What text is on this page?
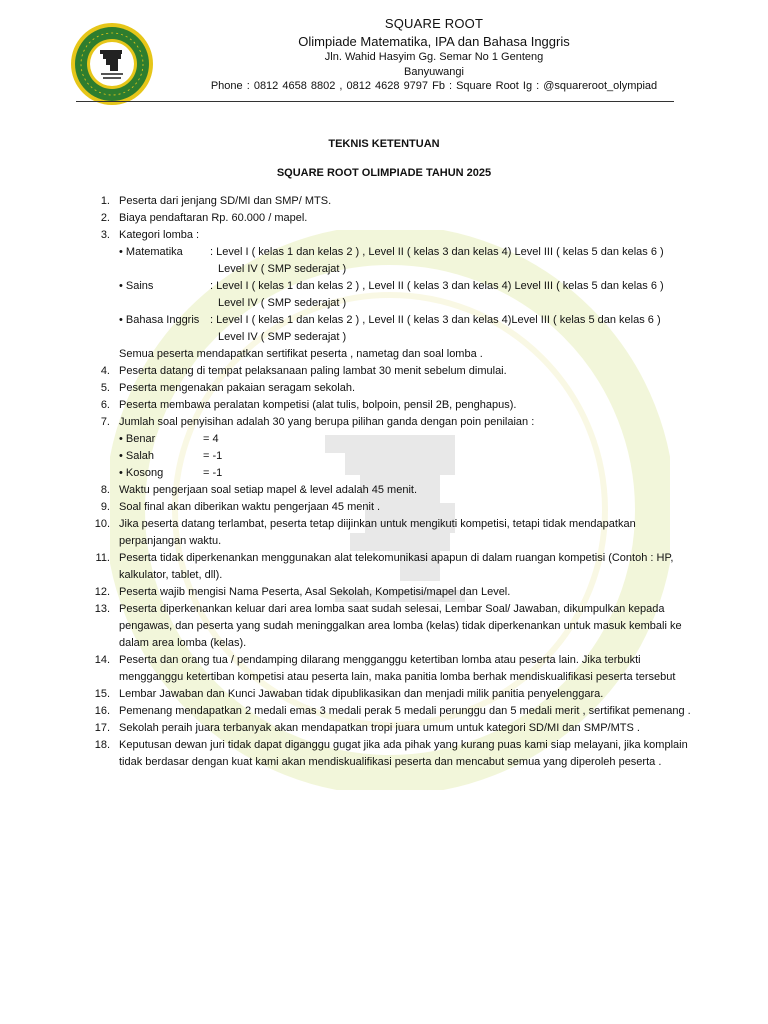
SQUARE ROOT
Olimpiade Matematika, IPA dan Bahasa Inggris
Jln. Wahid Hasyim Gg. Semar No 1 Genteng
Banyuwangi
Phone : 0812 4658 8802 , 0812 4628 9797 Fb : Square Root Ig : @squareroot_olympiad
TEKNIS KETENTUAN
SQUARE ROOT OLIMPIADE TAHUN 2025
1. Peserta dari jenjang SD/MI dan SMP/ MTS.
2. Biaya pendaftaran Rp. 60.000 / mapel.
3. Kategori lomba :
• Matematika	: Level I ( kelas 1 dan kelas 2 ) , Level II ( kelas 3 dan kelas 4) Level III ( kelas 5 dan kelas 6 )
Level IV ( SMP sederajat )
• Sains	: Level I ( kelas 1 dan kelas 2 ) , Level II ( kelas 3 dan kelas 4) Level III ( kelas 5 dan kelas 6 )
Level IV ( SMP sederajat )
• Bahasa Inggris : Level I ( kelas 1 dan kelas 2 ) , Level II ( kelas 3 dan kelas 4)Level III ( kelas 5 dan kelas 6 )
Level IV ( SMP sederajat )
Semua peserta mendapatkan sertifikat peserta , nametag dan soal lomba .
4. Peserta datang di tempat pelaksanaan paling lambat 30 menit sebelum dimulai.
5. Peserta mengenakan pakaian seragam sekolah.
6. Peserta membawa peralatan kompetisi (alat tulis, bolpoin, pensil 2B, penghapus).
7. Jumlah soal penyisihan adalah 30 yang berupa pilihan ganda dengan poin penilaian :
• Benar	= 4
• Salah	= -1
• Kosong	= -1
8. Waktu pengerjaan soal setiap mapel & level adalah 45 menit.
9. Soal final akan diberikan waktu pengerjaan 45 menit .
10. Jika peserta datang terlambat, peserta tetap diijinkan untuk mengikuti kompetisi, tetapi tidak mendapatkan perpanjangan waktu.
11. Peserta tidak diperkenankan menggunakan alat telekomunikasi apapun di dalam ruangan kompetisi (Contoh : HP, kalkulator, tablet, dll).
12. Peserta wajib mengisi Nama Peserta, Asal Sekolah, Kompetisi/mapel dan Level.
13. Peserta diperkenankan keluar dari area lomba saat sudah selesai, Lembar Soal/ Jawaban, dikumpulkan kepada pengawas, dan peserta yang sudah meninggalkan area lomba (kelas) tidak diperkenankan untuk masuk kembali ke dalam area lomba (kelas).
14. Peserta dan orang tua / pendamping dilarang mengganggu ketertiban lomba atau peserta lain. Jika terbukti mengganggu ketertiban kompetisi atau peserta lain, maka panitia lomba berhak mendiskualifikasi peserta tersebut
15. Lembar Jawaban dan Kunci Jawaban tidak dipublikasikan dan menjadi milik panitia penyelenggara.
16. Pemenang mendapatkan 2 medali emas 3 medali perak 5 medali perunggu dan 5 medali merit , sertifikat pemenang .
17. Sekolah peraih juara terbanyak akan mendapatkan tropi juara umum untuk kategori SD/MI dan SMP/MTS .
18. Keputusan dewan juri tidak dapat diganggu gugat jika ada pihak yang kurang puas kami siap melayani, jika komplain tidak berdasar dengan kuat kami akan mendiskualifikasi peserta dan mencabut semua yang diperoleh peserta .
